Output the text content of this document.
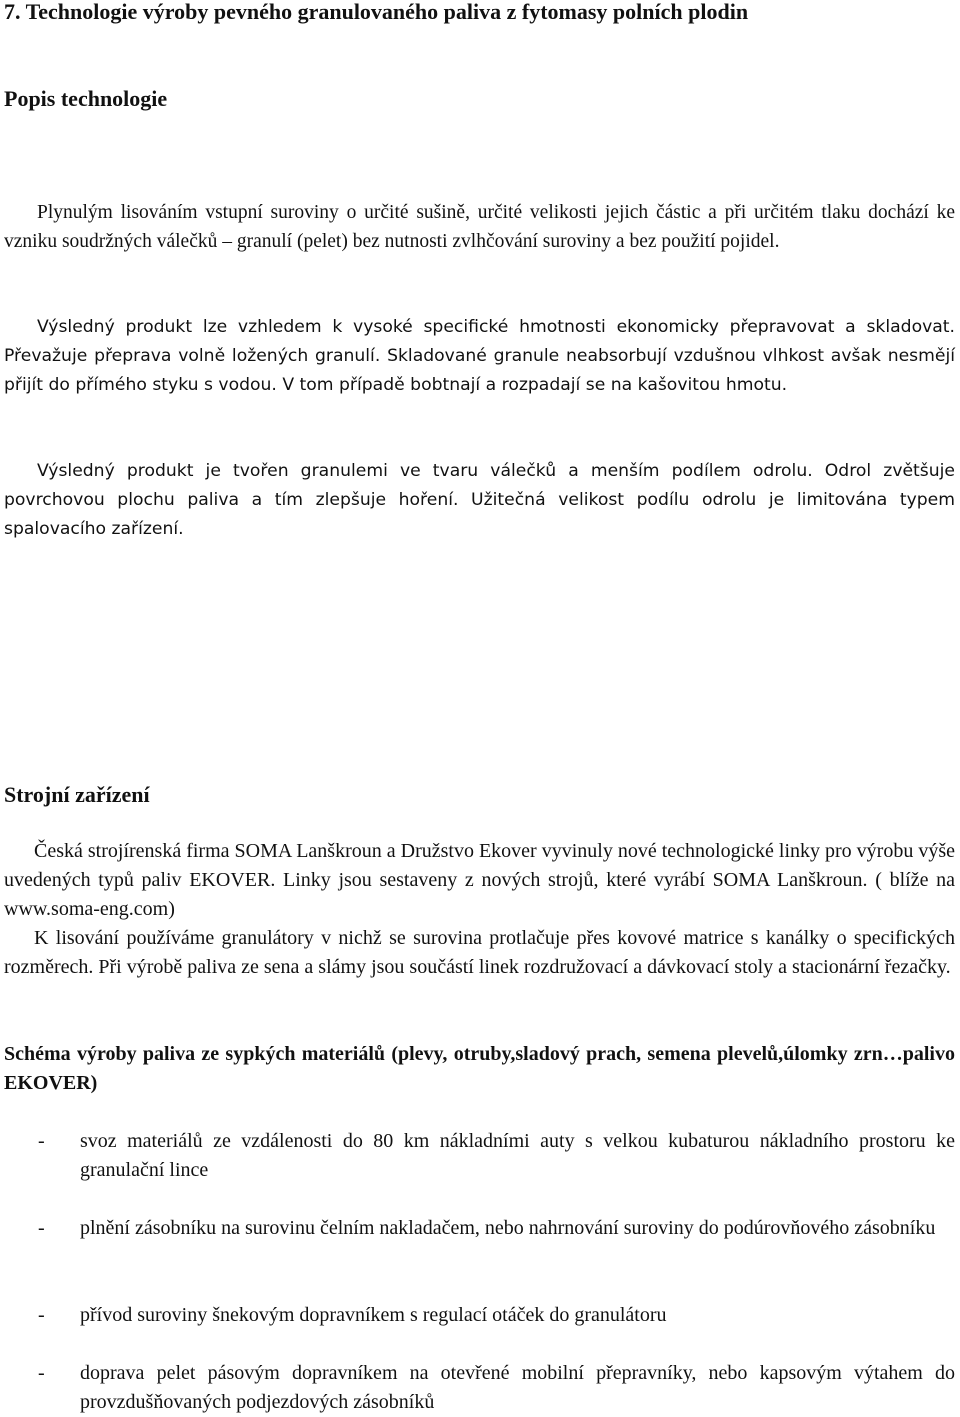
7. Technologie výroby pevného granulovaného paliva z fytomasy polních plodin
Popis technologie

Plynulým lisováním vstupní suroviny o určité sušině, určité velikosti jejich částic a při určitém tlaku dochází ke vzniku soudržných válečků – granulí (pelet) bez nutnosti zvlhčování suroviny a bez použití pojidel.

Výsledný produkt lze vzhledem k vysoké specifické hmotnosti ekonomicky přepravovat a skladovat. Převažuje přeprava volně ložených granulí. Skladované granule neabsorbují vzdušnou vlhkost avšak nesmějí přijít do přímého styku s vodou. V tom případě bobtnají a rozpadají se na kašovitou hmotu.

Výsledný produkt je tvořen granulemi ve tvaru válečků a menším podílem odrolu. Odrol zvětšuje povrchovou plochu paliva a tím zlepšuje hoření. Užitečná velikost podílu odrolu je limitována typem spalovacího zařízení.

Strojní zařízení

Česká strojírenská firma SOMA Lanškroun a Družstvo Ekover vyvinuly nové technologické linky pro výrobu výše uvedených typů paliv EKOVER. Linky jsou sestaveny z nových strojů, které vyrábí SOMA Lanškroun. ( blíže na www.soma-eng.com)

K lisování používáme granulátory v nichž se surovina protlačuje přes kovové matrice s kanálky o specifických rozměrech. Při výrobě paliva ze sena a slámy jsou součástí linek rozdružovací a dávkovací stoly a stacionární řezačky.

Schéma výroby paliva ze sypkých materiálů (plevy, otruby,sladový prach, semena plevelů,úlomky zrn…palivo EKOVER)

- svoz materiálů ze vzdálenosti do 80 km nákladními auty s velkou kubaturou nákladního prostoru ke granulační lince
- plnění zásobníku na surovinu čelním nakladačem, nebo nahrnování suroviny do podúrovňového zásobníku
- přívod suroviny šnekovým dopravníkem s regulací otáček do granulátoru
- doprava pelet pásovým dopravníkem na otevřené mobilní přepravníky, nebo kapsovým výtahem do provzdušňovaných podjezdových zásobníků
